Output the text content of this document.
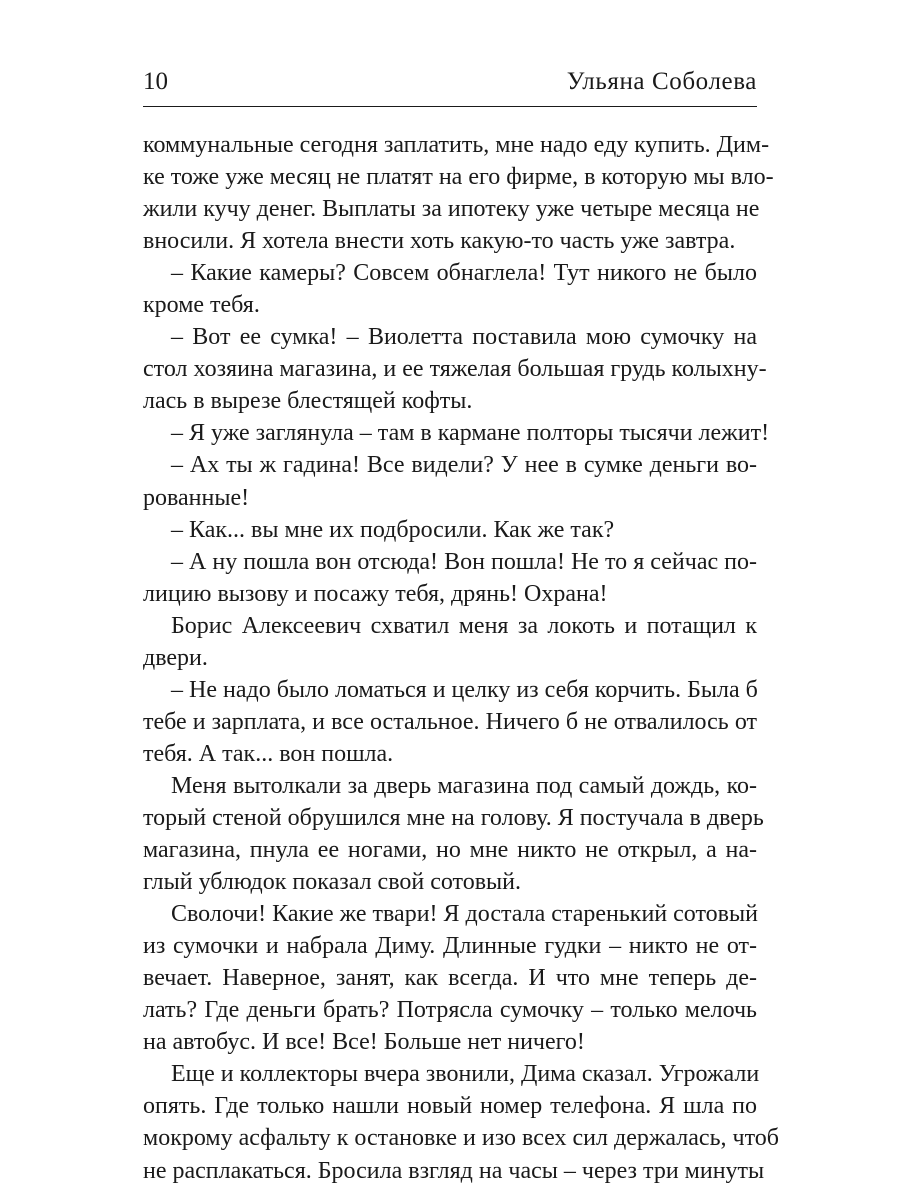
10	Ульяна Соболева
коммунальные сегодня заплатить, мне надо еду купить. Дим-
ке тоже уже месяц не платят на его фирме, в которую мы вло-
жили кучу денег. Выплаты за ипотеку уже четыре месяца не
вносили. Я хотела внести хоть какую-то часть уже завтра.
– Какие камеры? Совсем обнаглела! Тут никого не было
кроме тебя.
– Вот ее сумка! – Виолетта поставила мою сумочку на
стол хозяина магазина, и ее тяжелая большая грудь колыхну-
лась в вырезе блестящей кофты.
– Я уже заглянула – там в кармане полторы тысячи лежит!
– Ах ты ж гадина! Все видели? У нее в сумке деньги во-
рованные!
– Как... вы мне их подбросили. Как же так?
– А ну пошла вон отсюда! Вон пошла! Не то я сейчас по-
лицию вызову и посажу тебя, дрянь! Охрана!
Борис Алексеевич схватил меня за локоть и потащил к
двери.
– Не надо было ломаться и целку из себя корчить. Была б
тебе и зарплата, и все остальное. Ничего б не отвалилось от
тебя. А так... вон пошла.
Меня вытолкали за дверь магазина под самый дождь, ко-
торый стеной обрушился мне на голову. Я постучала в дверь
магазина, пнула ее ногами, но мне никто не открыл, а на-
глый ублюдок показал свой сотовый.
Сволочи! Какие же твари! Я достала старенький сотовый
из сумочки и набрала Диму. Длинные гудки – никто не от-
вечает. Наверное, занят, как всегда. И что мне теперь де-
лать? Где деньги брать? Потрясла сумочку – только мелочь
на автобус. И все! Все! Больше нет ничего!
Еще и коллекторы вчера звонили, Дима сказал. Угрожали
опять. Где только нашли новый номер телефона. Я шла по
мокрому асфальту к остановке и изо всех сил держалась, чтоб
не расплакаться. Бросила взгляд на часы – через три минуты
